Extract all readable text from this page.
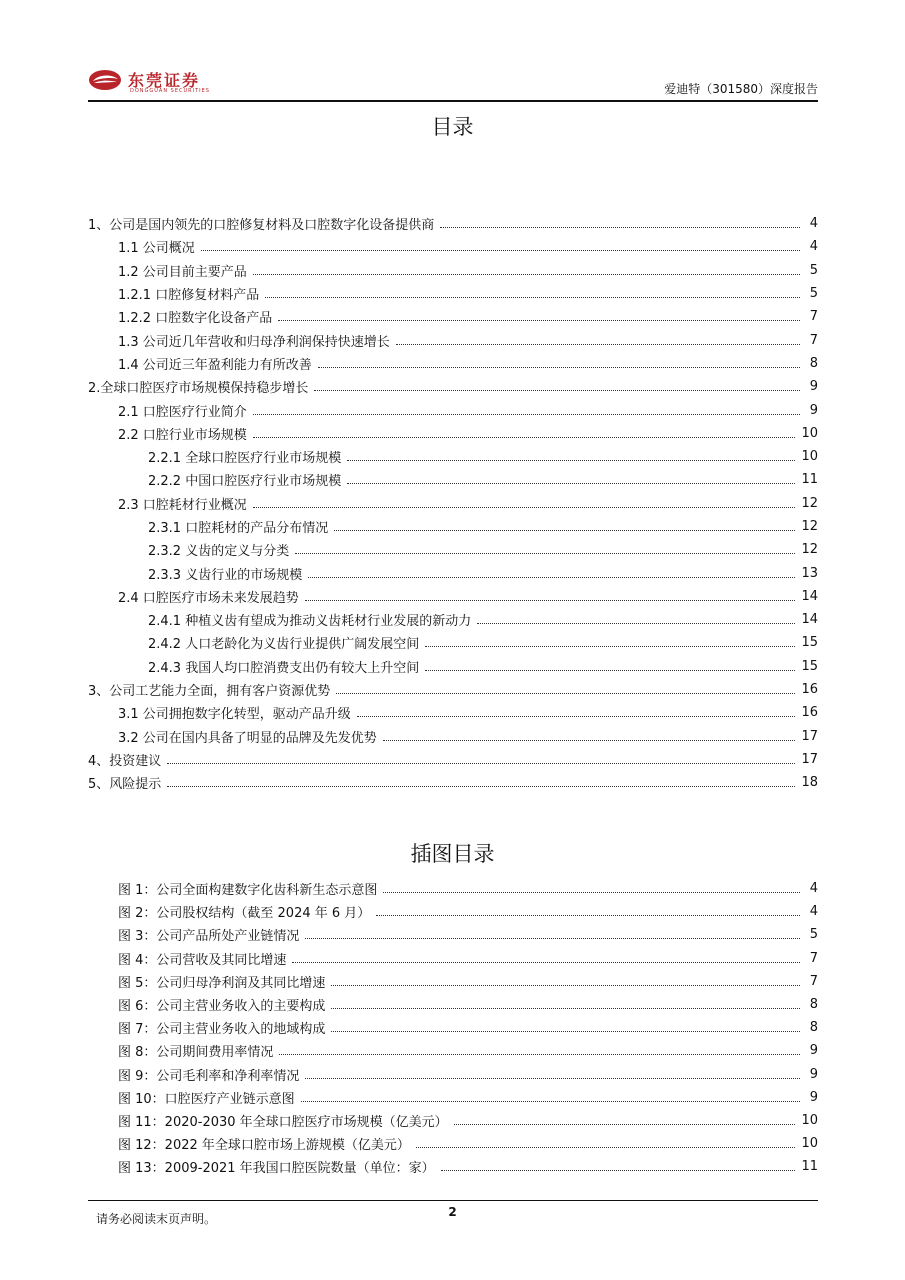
东莞证券
DONGGUAN SECURITIES	爱迪特（301580）深度报告
目录
1、公司是国内领先的口腔修复材料及口腔数字化设备提供商	4
1.1 公司概况	4
1.2 公司目前主要产品	5
1.2.1 口腔修复材料产品	5
1.2.2 口腔数字化设备产品	7
1.3 公司近几年营收和归母净利润保持快速增长	7
1.4 公司近三年盈利能力有所改善	8
2.全球口腔医疗市场规模保持稳步增长	9
2.1 口腔医疗行业简介	9
2.2 口腔行业市场规模	10
2.2.1 全球口腔医疗行业市场规模	10
2.2.2 中国口腔医疗行业市场规模	11
2.3 口腔耗材行业概况	12
2.3.1 口腔耗材的产品分布情况	12
2.3.2 义齿的定义与分类	12
2.3.3 义齿行业的市场规模	13
2.4 口腔医疗市场未来发展趋势	14
2.4.1 种植义齿有望成为推动义齿耗材行业发展的新动力	14
2.4.2 人口老龄化为义齿行业提供广阔发展空间	15
2.4.3 我国人均口腔消费支出仍有较大上升空间	15
3、公司工艺能力全面，拥有客户资源优势	16
3.1 公司拥抱数字化转型，驱动产品升级	16
3.2 公司在国内具备了明显的品牌及先发优势	17
4、投资建议	17
5、风险提示	18
插图目录
图 1：公司全面构建数字化齿科新生态示意图	4
图 2：公司股权结构（截至 2024 年 6 月）	4
图 3：公司产品所处产业链情况	5
图 4：公司营收及其同比增速	7
图 5：公司归母净利润及其同比增速	7
图 6：公司主营业务收入的主要构成	8
图 7：公司主营业务收入的地域构成	8
图 8：公司期间费用率情况	9
图 9：公司毛利率和净利率情况	9
图 10：口腔医疗产业链示意图	9
图 11：2020-2030 年全球口腔医疗市场规模（亿美元）	10
图 12：2022 年全球口腔市场上游规模（亿美元）	10
图 13：2009-2021 年我国口腔医院数量（单位：家）	11
请务必阅读末页声明。	2
